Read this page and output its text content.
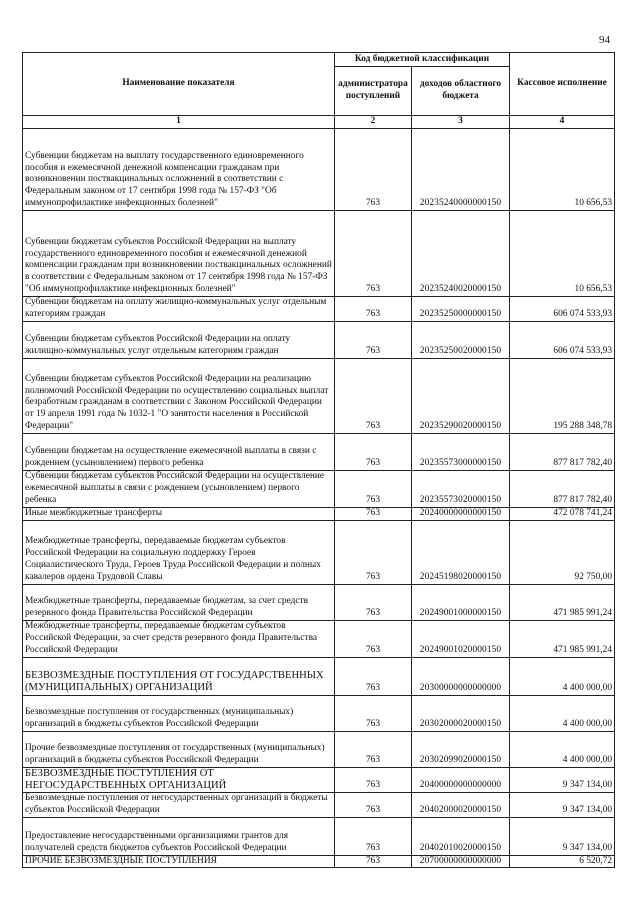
94
Наименование показателя	Код бюджетной классификации		Кассовое исполнение
	администратора поступлений	доходов областного бюджета	
1	2	3	4
Субвенции бюджетам на выплату государственного единовременного пособия и ежемесячной денежной компенсации гражданам при возникновении поствакцинальных осложнений в соответствии с Федеральным законом от 17 сентября 1998 года № 157-ФЗ "Об иммунопрофилактике инфекционных болезней"	763	20235240000000150	10 656,53
Субвенции бюджетам субъектов Российской Федерации на выплату государственного единовременного пособия и ежемесячной денежной компенсации гражданам при возникновении поствакцинальных осложнений в соответствии с Федеральным законом от 17 сентября 1998 года № 157-ФЗ "Об иммунопрофилактике инфекционных болезней"	763	20235240020000150	10 656,53
Субвенции бюджетам на оплату жилищно-коммунальных услуг отдельным категориям граждан	763	20235250000000150	606 074 533,93
Субвенции бюджетам субъектов Российской Федерации на оплату жилищно-коммунальных услуг отдельным категориям граждан	763	20235250020000150	606 074 533,93
Субвенции бюджетам субъектов Российской Федерации на реализацию полномочий Российской Федерации по осуществлению социальных выплат безработным гражданам в соответствии с Законом Российской Федерации от 19 апреля 1991 года № 1032-1 "О занятости населения в Российской Федерации"	763	20235290020000150	195 288 348,78
Субвенции бюджетам на осуществление ежемесячной выплаты в связи с рождением (усыновлением) первого ребенка	763	20235573000000150	877 817 782,40
Субвенции бюджетам субъектов Российской Федерации на осуществление ежемесячной выплаты в связи с рождением (усыновлением) первого ребенка	763	20235573020000150	877 817 782,40
Иные межбюджетные трансферты	763	20240000000000150	472 078 741,24
Межбюджетные трансферты, передаваемые бюджетам субъектов Российской Федерации на социальную поддержку Героев Социалистического Труда, Героев Труда Российской Федерации и полных кавалеров ордена Трудовой Славы	763	20245198020000150	92 750,00
Межбюджетные трансферты, передаваемые бюджетам, за счет средств резервного фонда Правительства Российской Федерации	763	20249001000000150	471 985 991,24
Межбюджетные трансферты, передаваемые бюджетам субъектов Российской Федерации, за счет средств резервного фонда Правительства Российской Федерации	763	20249001020000150	471 985 991,24
БЕЗВОЗМЕЗДНЫЕ ПОСТУПЛЕНИЯ ОТ ГОСУДАРСТВЕННЫХ (МУНИЦИПАЛЬНЫХ) ОРГАНИЗАЦИЙ	763	20300000000000000	4 400 000,00
Безвозмездные поступления от государственных (муниципальных) организаций в бюджеты субъектов Российской Федерации	763	20302000020000150	4 400 000,00
Прочие безвозмездные поступления от государственных (муниципальных) организаций в бюджеты субъектов Российской Федерации	763	20302099020000150	4 400 000,00
БЕЗВОЗМЕЗДНЫЕ ПОСТУПЛЕНИЯ ОТ НЕГОСУДАРСТВЕННЫХ ОРГАНИЗАЦИЙ	763	20400000000000000	9 347 134,00
Безвозмездные поступления от негосударственных организаций в бюджеты субъектов Российской Федерации	763	20402000020000150	9 347 134,00
Предоставление негосударственными организациями грантов для получателей средств бюджетов субъектов Российской Федерации	763	20402010020000150	9 347 134,00
ПРОЧИЕ БЕЗВОЗМЕЗДНЫЕ ПОСТУПЛЕНИЯ	763	20700000000000000	6 520,72
